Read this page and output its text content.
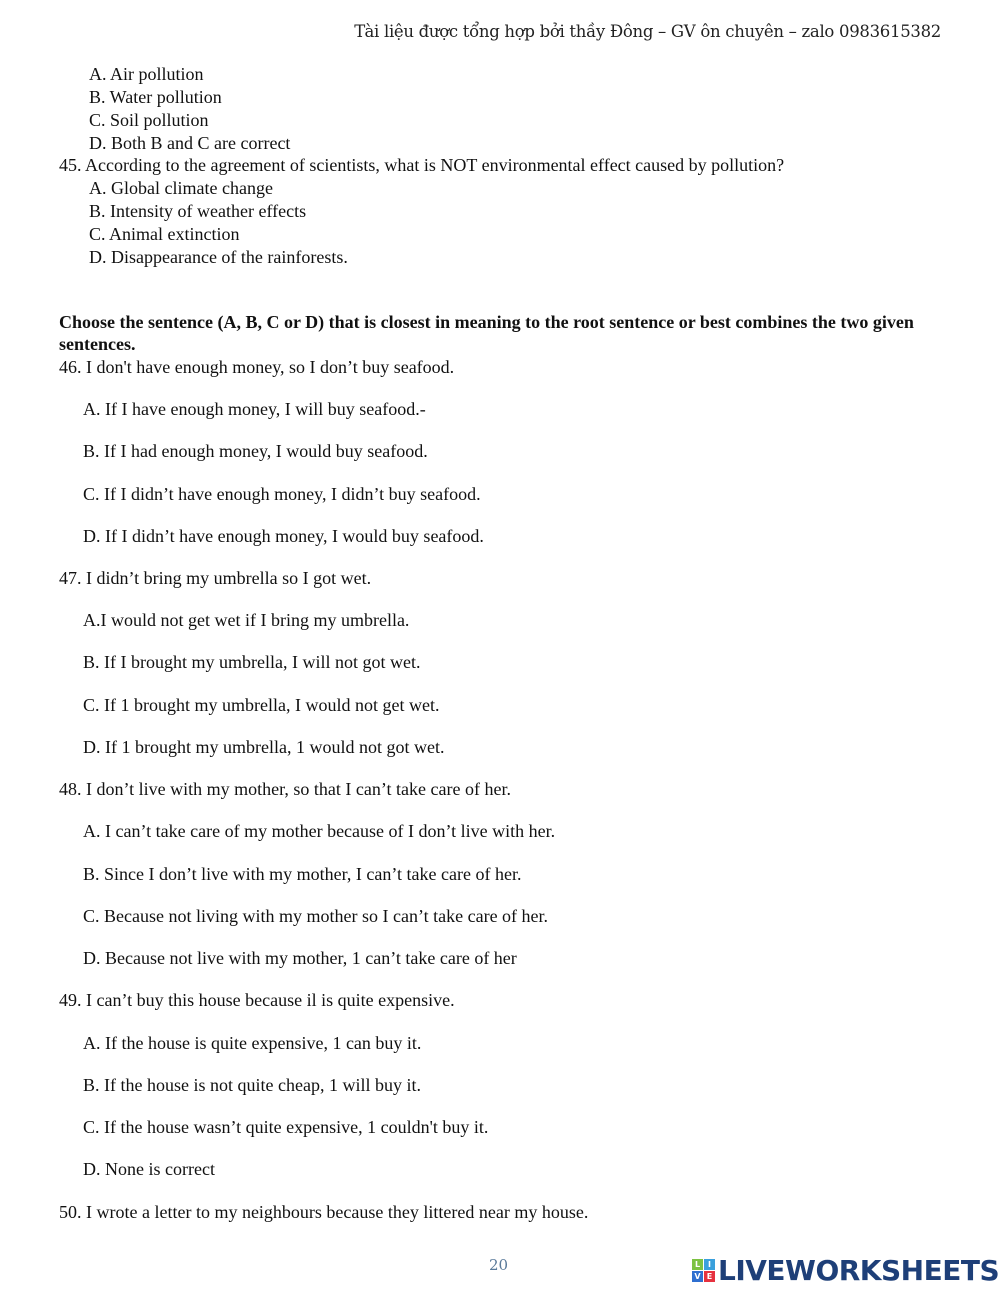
Tài liệu được tổng hợp bởi thầy Đông – GV ôn chuyên – zalo 0983615382
A. Air pollution
B. Water pollution
C. Soil pollution
D. Both B and C are correct
45. According to the agreement of scientists, what is NOT environmental effect caused by pollution?
A. Global climate change
B. Intensity of weather effects
C. Animal extinction
D. Disappearance of the rainforests.
Choose the sentence (A, B, C or D) that is closest in meaning to the root sentence or best combines the two given sentences.
46. I don't have enough money, so I don’t buy seafood.
A. If I have enough money, I will buy seafood.-
B. If I had enough money, I would buy seafood.
C. If I didn’t have enough money, I didn’t buy seafood.
D. If I didn’t have enough money, I would buy seafood.
47. I didn’t bring my umbrella so I got wet.
A.I would not get wet if I bring my umbrella.
B. If I brought my umbrella, I will not got wet.
C. If 1 brought my umbrella, I would not get wet.
D. If 1 brought my umbrella, 1 would not got wet.
48. I don’t live with my mother, so that I can’t take care of her.
A. I can’t take care of my mother because of I don’t live with her.
B. Since I don’t live with my mother, I can’t take care of her.
C. Because not living with my mother so I can’t take care of her.
D. Because not live with my mother, 1 can’t take care of her
49. I can’t buy this house because il is quite expensive.
A. If the house is quite expensive, 1 can buy it.
B. If the house is not quite cheap, 1 will buy it.
C. If the house wasn’t quite expensive, 1 couldn't buy it.
D. None is correct
50. I wrote a letter to my neighbours because they littered near my house.
20	L I
V E LIVEWORKSHEETS
